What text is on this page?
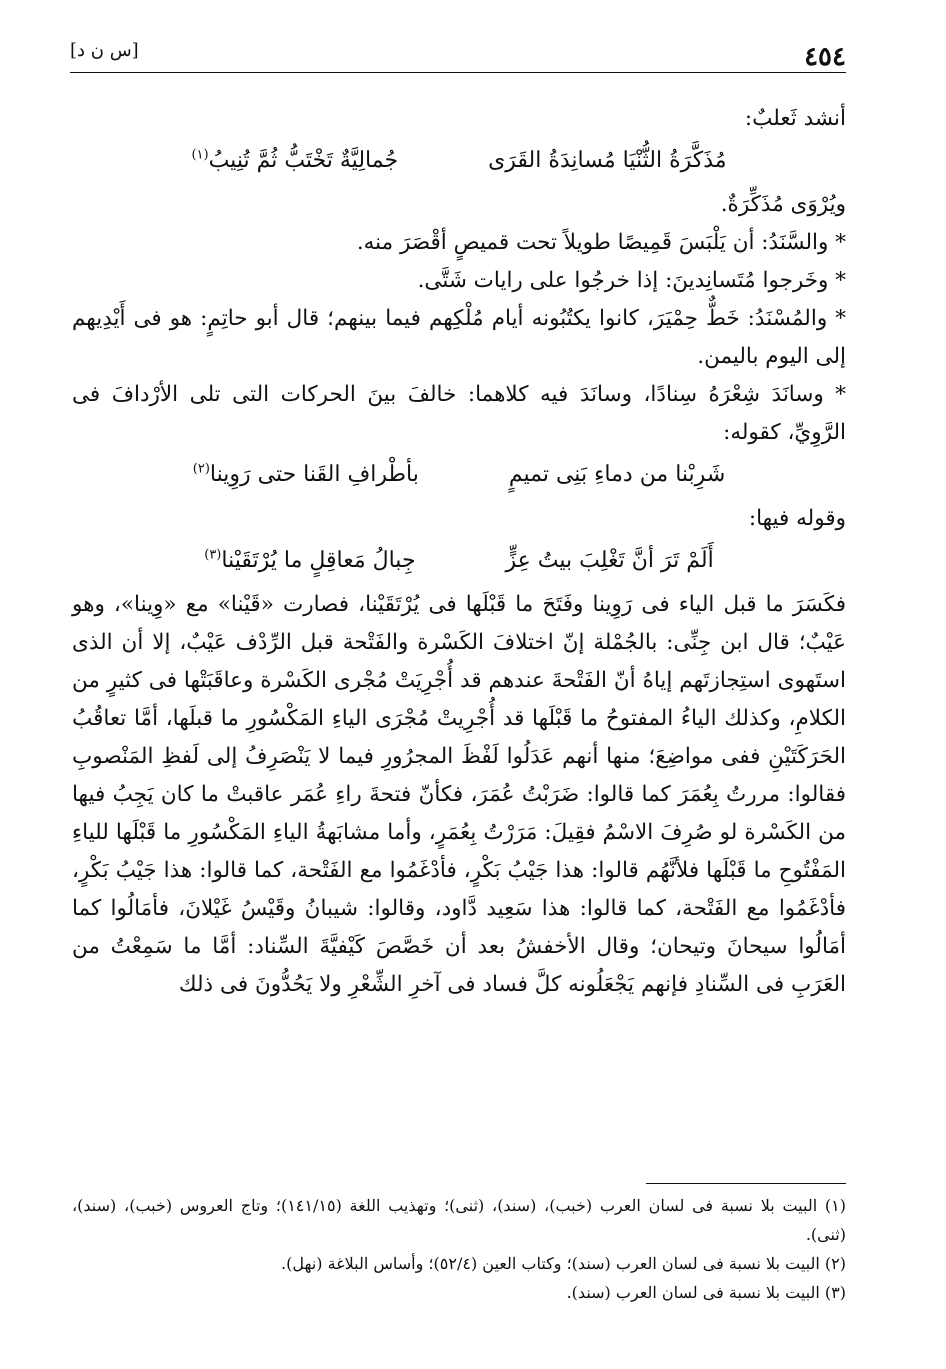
٤٥٤
[س ن د]

أنشد ثَعلبٌ:

مُذَكَّرَةُ الثُّنْيَا مُسانِدَةُ القَرَى
جُمالِيَّةٌ تَخْتَبُّ ثُمَّ تُنِيبُ$^{(١)}$

ويُرْوَى مُذَكِّرَةٌ.

* والسَّنَدُ: أن يَلْبَسَ قَمِيصًا طويلاً تحت قميصٍ أقْصَرَ منه.

* وخَرجوا مُتَسانِدينَ: إذا خرجُوا على رايات شَتَّى.

* والمُسْنَدُ: خَطٌّ حِمْيَرَ، كانوا يكتُبُونه أيام مُلْكِهم فيما بينهم؛ قال أبو حاتِمٍ: هو فى أَيْدِيهم إلى اليوم باليمن.

* وسانَدَ شِعْرَهُ سِنادًا، وسانَدَ فيه كلاهما: خالفَ بينَ الحركات التى تلى الأرْدافَ فى الرَّوِيِّ، كقوله:

شَرِبْنا من دماءِ بَنِى تميمٍ
بأطْرافِ القَنا حتى رَوِينا$^{(٢)}$

وقوله فيها:

أَلَمْ تَرَ أنَّ تَغْلِبَ بيتُ عِزٍّ
جِبالُ مَعاقِلٍ ما يُرْتَقَيْنا$^{(٣)}$

فكَسَرَ ما قبل الياء فى رَوِينا وفَتَحَ ما قَبْلَها فى يُرْتَقَيْنا، فصارت «قَيْنا» مع «وِينا»، وهو عَيْبٌ؛ قال ابن جِنِّى: بالجُمْلة إنّ اختلافَ الكَسْرة والفَتْحة قبل الرِّدْف عَيْبٌ، إلا أن الذى استَهوى استِجازتَهم إياهُ أنّ الفَتْحةَ عندهم قد أُجْرِيَتْ مُجْرى الكَسْرة وعاقَبَتْها فى كثيرٍ من الكلامِ، وكذلك الياءُ المفتوحُ ما قَبْلَها قد أُجْرِيتْ مُجْرَى الياءِ المَكْسُورِ ما قبلَها، أمَّا تعاقُبُ الحَرَكَتَيْنِ ففى مواضِعَ؛ منها أنهم عَدَلُوا لَفْظَ المجرُورِ فيما لا يَنْصَرِفُ إلى لَفظِ المَنْصوبِ فقالوا: مررتُ بِعُمَرَ كما قالوا: ضَرَبْتُ عُمَرَ، فكأنّ فتحةَ راءِ عُمَر عاقبتْ ما كان يَجِبُ فيها من الكَسْرة لو صُرِفَ الاسْمُ فقِيلَ: مَرَرْتُ بِعُمَرٍ، وأما مشابَهةُ الياءِ المَكْسُورِ ما قَبْلَها للياءِ المَفْتُوحِ ما قَبْلَها فلأنَّهُم قالوا: هذا جَيْبُ بَكْرٍ، فأدْغَمُوا مع الفَتْحة، كما قالوا: هذا جَيْبُ بَكْرٍ، فأدْغَمُوا مع الفَتْحة، كما قالوا: هذا سَعِيد دَّاود، وقالوا: شيبانُ وقَيْسُ غَيْلانَ، فأمَالُوا كما أمَالُوا سيحانَ وتيحان؛ وقال الأخفشُ بعد أن خَصَّصَ كَيْفيَّةَ السِّناد: أمَّا ما سَمِعْتُ من العَرَبِ فى السِّنادِ فإنهم يَجْعَلُونه كلَّ فساد فى آخرِ الشِّعْرِ ولا يَحُدُّونَ فى ذلك

(١) البيت بلا نسبة فى لسان العرب (خبب)، (سند)، (ثنى)؛ وتهذيب اللغة (١٤١/١٥)؛ وتاج العروس (خبب)، (سند)، (ثنى).

(٢) البيت بلا نسبة فى لسان العرب (سند)؛ وكتاب العين (٥٢/٤)؛ وأساس البلاغة (نهل).

(٣) البيت بلا نسبة فى لسان العرب (سند).
